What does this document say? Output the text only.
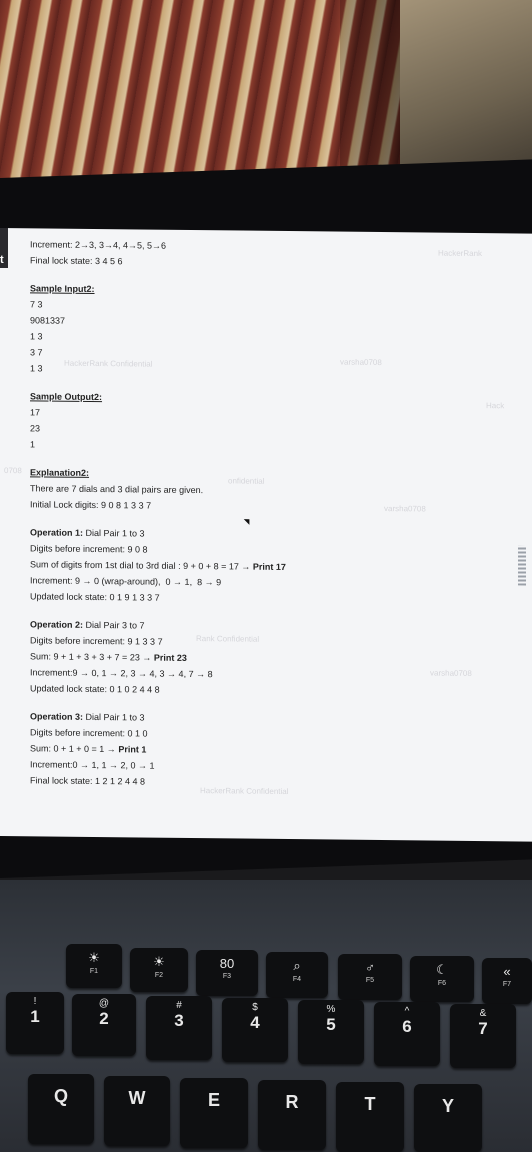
Increment: 2→3, 3→4, 4→5, 5→6
Final lock state: 3 4 5 6
Sample Input2:
7 3
9081337
1 3
3 7
1 3
Sample Output2:
17
23
1
Explanation2:
There are 7 dials and 3 dial pairs are given.
Initial Lock digits: 9 0 8 1 3 3 7
Operation 1: Dial Pair 1 to 3
Digits before increment: 9 0 8
Sum of digits from 1st dial to 3rd dial : 9 + 0 + 8 = 17 → Print 17
Increment: 9 → 0 (wrap-around),  0 → 1,  8 → 9
Updated lock state: 0 1 9 1 3 3 7
Operation 2: Dial Pair 3 to 7
Digits before increment: 9 1 3 3 7
Sum: 9 + 1 + 3 + 3 + 7 = 23 → Print 23
Increment:9 → 0, 1 → 2, 3 → 4, 3 → 4, 7 → 8
Updated lock state: 0 1 0 2 4 4 8
Operation 3: Dial Pair 1 to 3
Digits before increment: 0 1 0
Sum: 0 + 1 + 0 = 1 → Print 1
Increment:0 → 1, 1 → 2, 0 → 1
Final lock state: 1 2 1 2 4 4 8
HackerRank Confidential	varsha0708
HackerRank
Hack
onfidential
varsha0708
Rank Confidential
varsha0708
HackerRank Confidential
0708
t
☀
F1
☀
F2
80
F3
⌕
F4
♂
F5
☾
F6
«
F7
!
1
@
2
#
3
$
4
%
5
^
6
&
7
Q	W	E	R	T	Y
